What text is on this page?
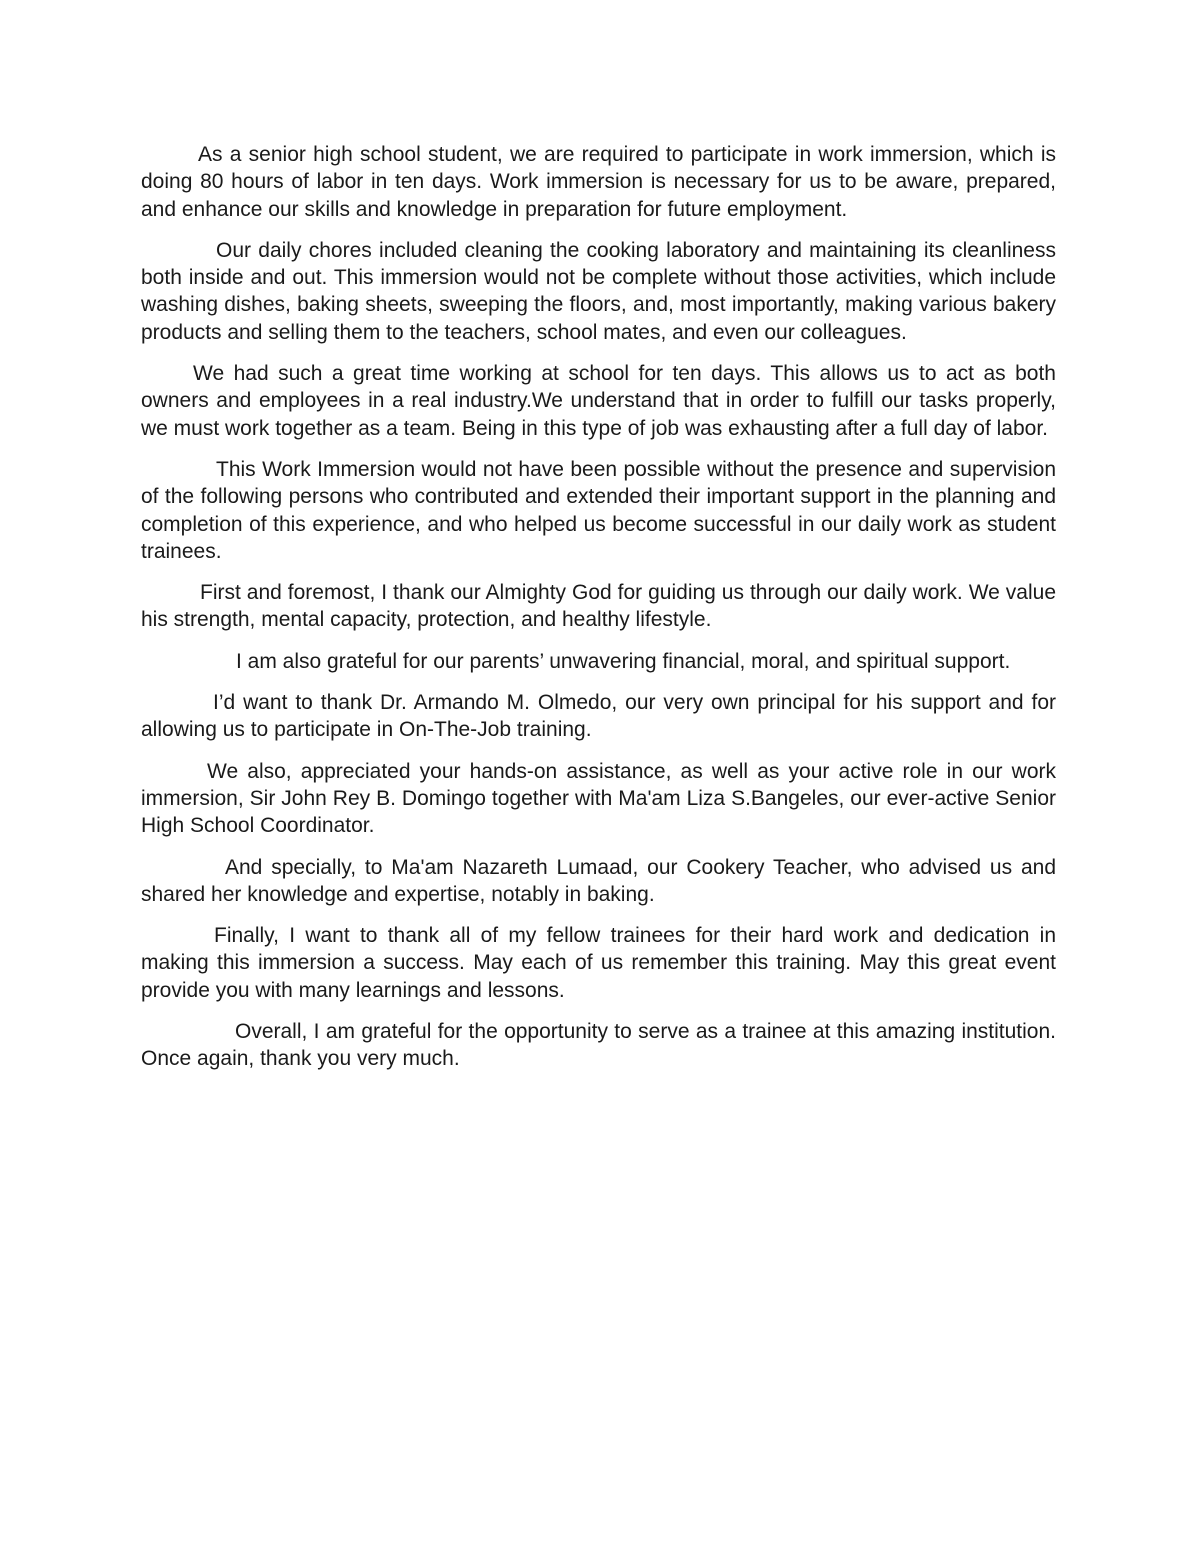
As a senior high school student, we are required to participate in work immersion, which is doing 80 hours of labor in ten days. Work immersion is necessary for us to be aware, prepared, and enhance our skills and knowledge in preparation for future employment.

Our daily chores included cleaning the cooking laboratory and maintaining its cleanliness both inside and out. This immersion would not be complete without those activities, which include washing dishes, baking sheets, sweeping the floors, and, most importantly, making various bakery products and selling them to the teachers, school mates, and even our colleagues.

We had such a great time working at school for ten days. This allows us to act as both owners and employees in a real industry.We understand that in order to fulfill our tasks properly, we must work together as a team. Being in this type of job was exhausting after a full day of labor.

This Work Immersion would not have been possible without the presence and supervision of the following persons who contributed and extended their important support in the planning and completion of this experience, and who helped us become successful in our daily work as student trainees.

First and foremost, I thank our Almighty God for guiding us through our daily work. We value his strength, mental capacity, protection, and healthy lifestyle.

I am also grateful for our parents’ unwavering financial, moral, and spiritual support.

I’d want to thank Dr. Armando M. Olmedo, our very own principal for his support and for allowing us to participate in On-The-Job training.

We also, appreciated your hands-on assistance, as well as your active role in our work immersion, Sir John Rey B. Domingo together with Ma'am Liza S.Bangeles, our ever-active Senior High School Coordinator.

And specially, to Ma'am Nazareth Lumaad, our Cookery Teacher, who advised us and shared her knowledge and expertise, notably in baking.

Finally, I want to thank all of my fellow trainees for their hard work and dedication in making this immersion a success. May each of us remember this training. May this great event provide you with many learnings and lessons.

Overall, I am grateful for the opportunity to serve as a trainee at this amazing institution. Once again, thank you very much.
